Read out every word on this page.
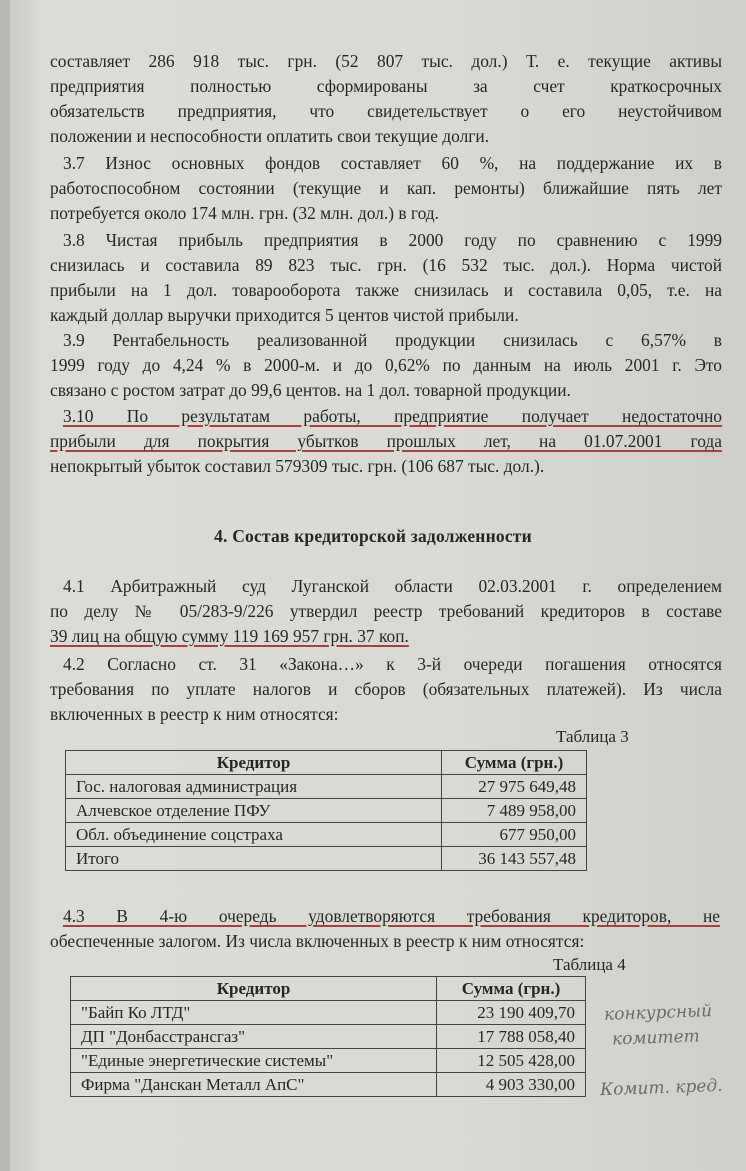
составляет 286 918 тыс. грн. (52 807 тыс. дол.) Т. е. текущие активы
предприятия полностью сформированы за счет краткосрочных
обязательств предприятия, что свидетельствует о его неустойчивом
положении и неспособности оплатить свои текущие долги.
3.7 Износ основных фондов составляет 60 %, на поддержание их в
работоспособном состоянии (текущие и кап. ремонты) ближайшие пять лет
потребуется около 174 млн. грн. (32 млн. дол.) в год.
3.8 Чистая прибыль предприятия в 2000 году по сравнению с 1999
снизилась и составила 89 823 тыс. грн. (16 532 тыс. дол.). Норма чистой
прибыли на 1 дол. товарооборота также снизилась и составила 0,05, т.е. на
каждый доллар выручки приходится 5 центов чистой прибыли.
3.9 Рентабельность реализованной продукции снизилась с 6,57% в
1999 году до 4,24 % в 2000-м. и до 0,62% по данным на июль 2001 г. Это
связано с ростом затрат до 99,6 центов. на 1 дол. товарной продукции.
3.10 По результатам работы, предприятие получает недостаточно
прибыли для покрытия убытков прошлых лет, на 01.07.2001 года
непокрытый убыток составил 579309 тыс. грн. (106 687 тыс. дол.).
4. Состав кредиторской задолженности
4.1 Арбитражный суд Луганской области 02.03.2001 г. определением
по делу № 05/283-9/226 утвердил реестр требований кредиторов в составе
39 лиц на общую сумму 119 169 957 грн. 37 коп.
4.2 Согласно ст. 31 «Закона…» к 3-й очереди погашения относятся
требования по уплате налогов и сборов (обязательных платежей). Из числа
включенных в реестр к ним относятся:
Таблица 3
Кредитор	Сумма (грн.)
Гос. налоговая администрация	27 975 649,48
Алчевское отделение ПФУ	7 489 958,00
Обл. объединение соцстраха	677 950,00
Итого	36 143 557,48
4.3 В 4-ю очередь удовлетворяются требования кредиторов, не
обеспеченные залогом. Из числа включенных в реестр к ним относятся:
Таблица 4
Кредитор	Сумма (грн.)
"Байп Ко ЛТД"	23 190 409,70
ДП "Донбасстрансгаз"	17 788 058,40
"Единые энергетические системы"	12 505 428,00
Фирма "Данскан Металл АпС"	4 903 330,00
конкурсный
комитет
Комит. кред.
